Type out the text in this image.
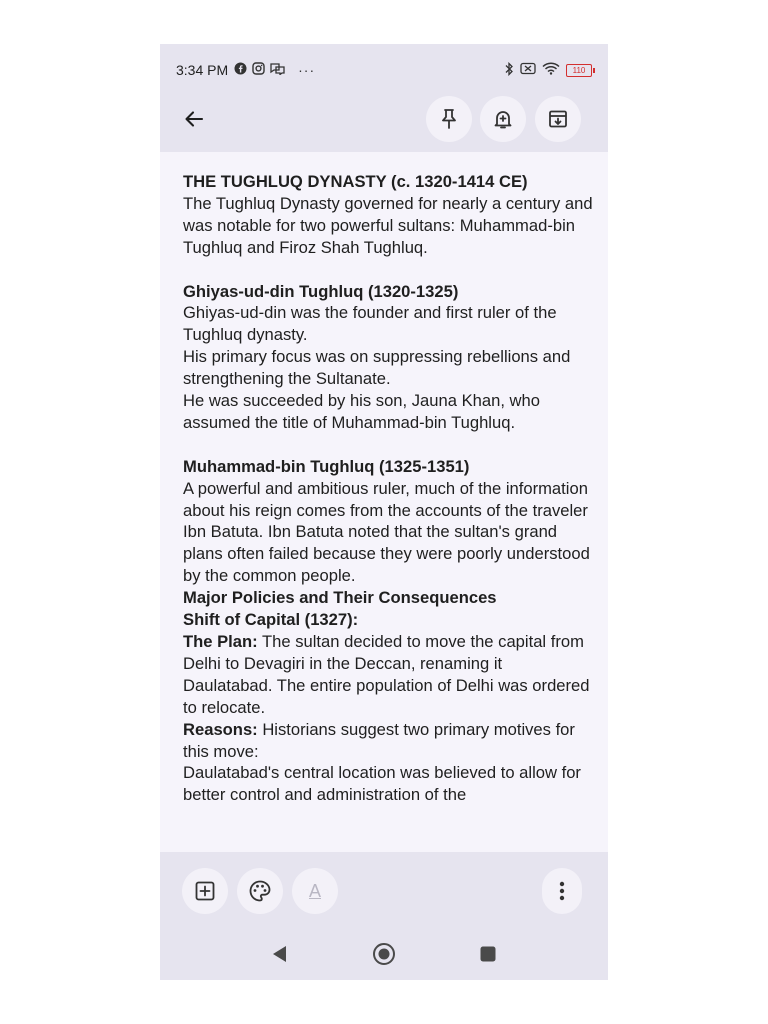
3:34 PM	···	110

THE TUGHLUQ DYNASTY (c. 1320-1414 CE)

The Tughluq Dynasty governed for nearly a century and was notable for two powerful sultans: Muhammad-bin Tughluq and Firoz Shah Tughluq.

Ghiyas-ud-din Tughluq (1320-1325)

Ghiyas-ud-din was the founder and first ruler of the Tughluq dynasty.

His primary focus was on suppressing rebellions and strengthening the Sultanate.

He was succeeded by his son, Jauna Khan, who assumed the title of Muhammad-bin Tughluq.

Muhammad-bin Tughluq (1325-1351)

A powerful and ambitious ruler, much of the information about his reign comes from the accounts of the traveler Ibn Batuta. Ibn Batuta noted that the sultan's grand plans often failed because they were poorly understood by the common people.

Major Policies and Their Consequences

Shift of Capital (1327):

The Plan: The sultan decided to move the capital from Delhi to Devagiri in the Deccan, renaming it Daulatabad. The entire population of Delhi was ordered to relocate.

Reasons: Historians suggest two primary motives for this move:

Daulatabad's central location was believed to allow for better control and administration of the

A
